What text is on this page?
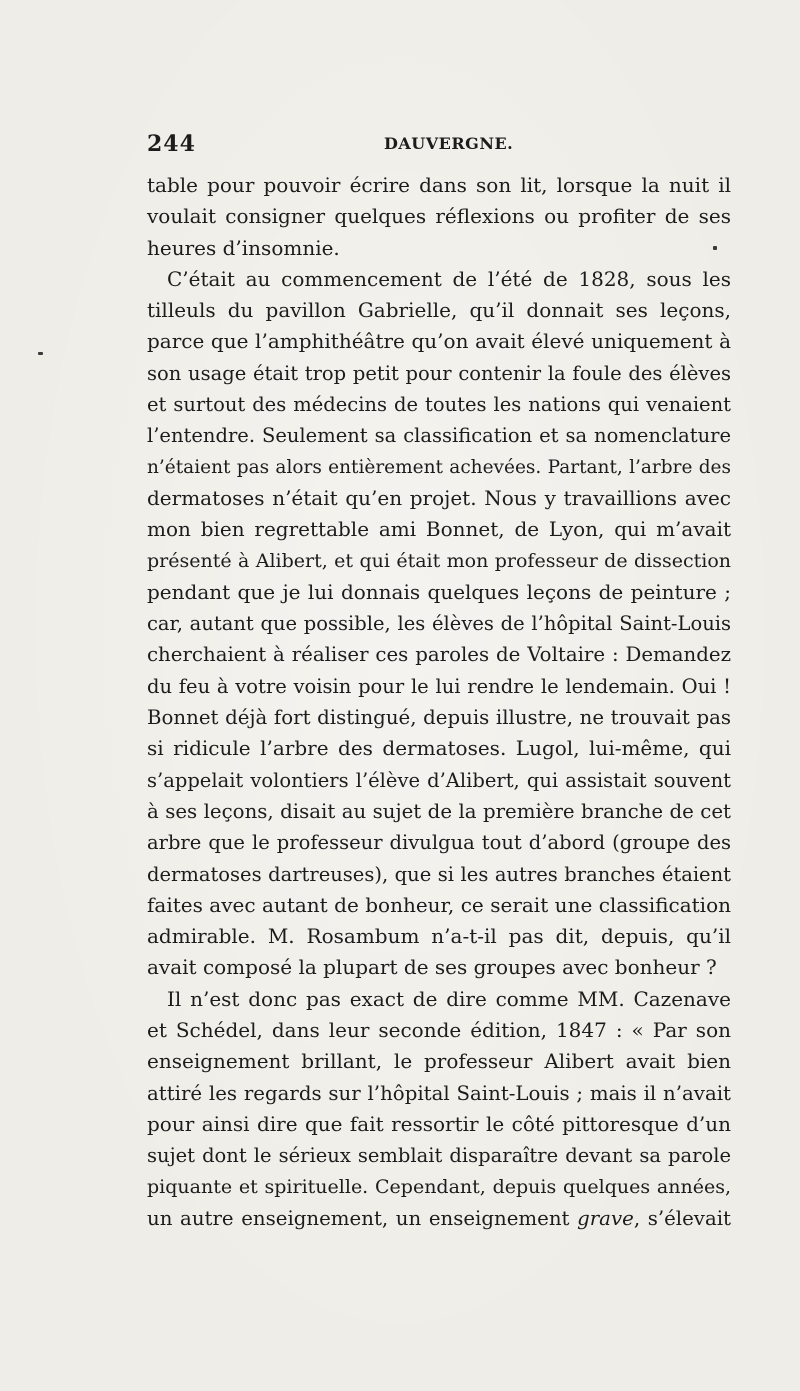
244	DAUVERGNE.
table pour pouvoir écrire dans son lit, lorsque la nuit il
voulait consigner quelques réflexions ou profiter de ses
heures d’insomnie.
C’était au commencement de l’été de 1828, sous les
tilleuls du pavillon Gabrielle, qu’il donnait ses leçons,
parce que l’amphithéâtre qu’on avait élevé uniquement à
son usage était trop petit pour contenir la foule des élèves
et surtout des médecins de toutes les nations qui venaient
l’entendre. Seulement sa classification et sa nomenclature
n’étaient pas alors entièrement achevées. Partant, l’arbre des
dermatoses n’était qu’en projet. Nous y travaillions avec
mon bien regrettable ami Bonnet, de Lyon, qui m’avait
présenté à Alibert, et qui était mon professeur de dissection
pendant que je lui donnais quelques leçons de peinture ;
car, autant que possible, les élèves de l’hôpital Saint-Louis
cherchaient à réaliser ces paroles de Voltaire : Demandez
du feu à votre voisin pour le lui rendre le lendemain. Oui !
Bonnet déjà fort distingué, depuis illustre, ne trouvait pas
si ridicule l’arbre des dermatoses. Lugol, lui-même, qui
s’appelait volontiers l’élève d’Alibert, qui assistait souvent
à ses leçons, disait au sujet de la première branche de cet
arbre que le professeur divulgua tout d’abord (groupe des
dermatoses dartreuses), que si les autres branches étaient
faites avec autant de bonheur, ce serait une classification
admirable. M. Rosambum n’a-t-il pas dit, depuis, qu’il
avait composé la plupart de ses groupes avec bonheur ?
Il n’est donc pas exact de dire comme MM. Cazenave
et Schédel, dans leur seconde édition, 1847 : « Par son
enseignement brillant, le professeur Alibert avait bien
attiré les regards sur l’hôpital Saint-Louis ; mais il n’avait
pour ainsi dire que fait ressortir le côté pittoresque d’un
sujet dont le sérieux semblait disparaître devant sa parole
piquante et spirituelle. Cependant, depuis quelques années,
un autre enseignement, un enseignement grave, s’élevait
